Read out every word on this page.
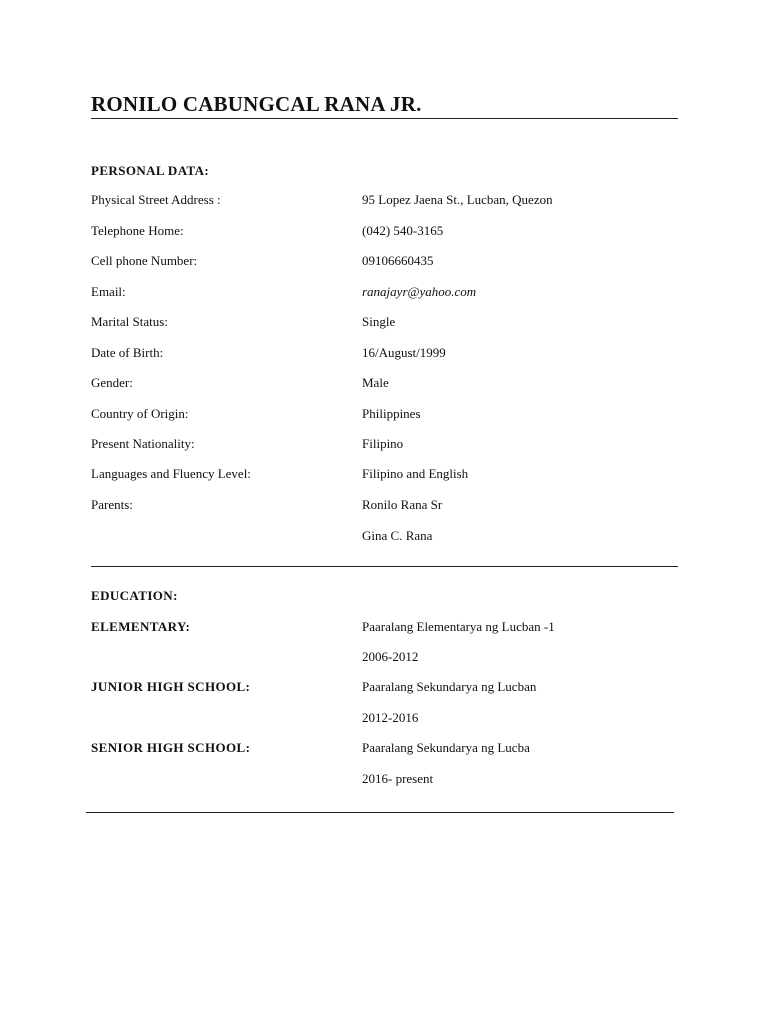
RONILO CABUNGCAL RANA JR.
PERSONAL DATA:
Physical Street Address :	95 Lopez Jaena St., Lucban, Quezon
Telephone Home:	(042) 540-3165
Cell phone Number:	09106660435
Email:	ranajayr@yahoo.com
Marital Status:	Single
Date of Birth:	16/August/1999
Gender:	Male
Country of Origin:	Philippines
Present Nationality:	Filipino
Languages and Fluency Level:	Filipino and English
Parents:	Ronilo Rana Sr
Gina C. Rana
EDUCATION:
ELEMENTARY:	Paaralang Elementarya ng Lucban -1
2006-2012
JUNIOR HIGH SCHOOL:	Paaralang Sekundarya ng Lucban
2012-2016
SENIOR HIGH SCHOOL:	Paaralang Sekundarya ng Lucba
2016- present
